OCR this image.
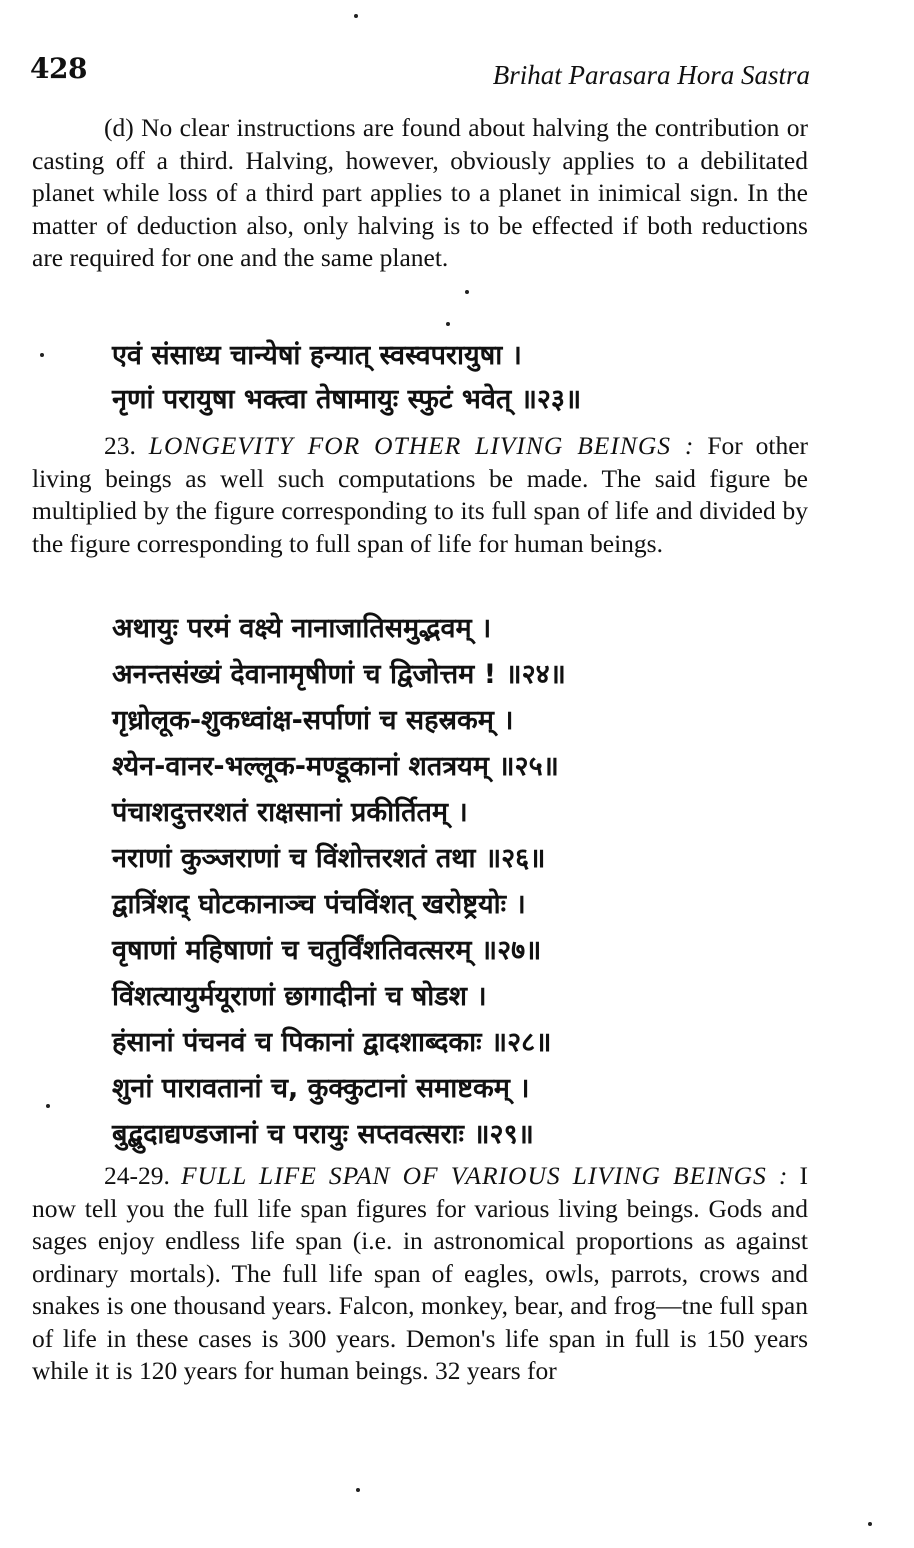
428	Brihat Parasara Hora Sastra

(d) No clear instructions are found about halving the contribution or casting off a third. Halving, however, obviously applies to a debilitated planet while loss of a third part applies to a planet in inimical sign. In the matter of deduction also, only halving is to be effected if both reductions are required for one and the same planet.

एवं संसाध्य चान्येषां हन्यात् स्वस्वपरायुषा ।
नृणां परायुषा भक्त्वा तेषामायुः स्फुटं भवेत् ॥२३॥

23. LONGEVITY FOR OTHER LIVING BEINGS : For other living beings as well such computations be made. The said figure be multiplied by the figure corresponding to its full span of life and divided by the figure corresponding to full span of life for human beings.

अथायुः परमं वक्ष्ये नानाजातिसमुद्भवम् ।
अनन्तसंख्यं देवानामृषीणां च द्विजोत्तम ! ॥२४॥
गृध्रोलूक-शुकध्वांक्ष-सर्पाणां च सहस्रकम् ।
श्येन-वानर-भल्लूक-मण्डूकानां शतत्रयम् ॥२५॥
पंचाशदुत्तरशतं राक्षसानां प्रकीर्तितम् ।
नराणां कुञ्जराणां च विंशोत्तरशतं तथा ॥२६॥
द्वात्रिंशद् घोटकानाञ्च पंचविंशत् खरोष्ट्रयोः ।
वृषाणां महिषाणां च चतुर्विंशतिवत्सरम् ॥२७॥
विंशत्यायुर्मयूराणां छागादीनां च षोडश ।
हंसानां पंचनवं च पिकानां द्वादशाब्दकाः ॥२८॥
शुनां पारावतानां च, कुक्कुटानां समाष्टकम् ।
बुद्बुदाद्यण्डजानां च परायुः सप्तवत्सराः ॥२९॥

24-29. FULL LIFE SPAN OF VARIOUS LIVING BEINGS : I now tell you the full life span figures for various living beings. Gods and sages enjoy endless life span (i.e. in astronomical proportions as against ordinary mortals). The full life span of eagles, owls, parrots, crows and snakes is one thousand years. Falcon, monkey, bear, and frog—tne full span of life in these cases is 300 years. Demon's life span in full is 150 years while it is 120 years for human beings. 32 years for
